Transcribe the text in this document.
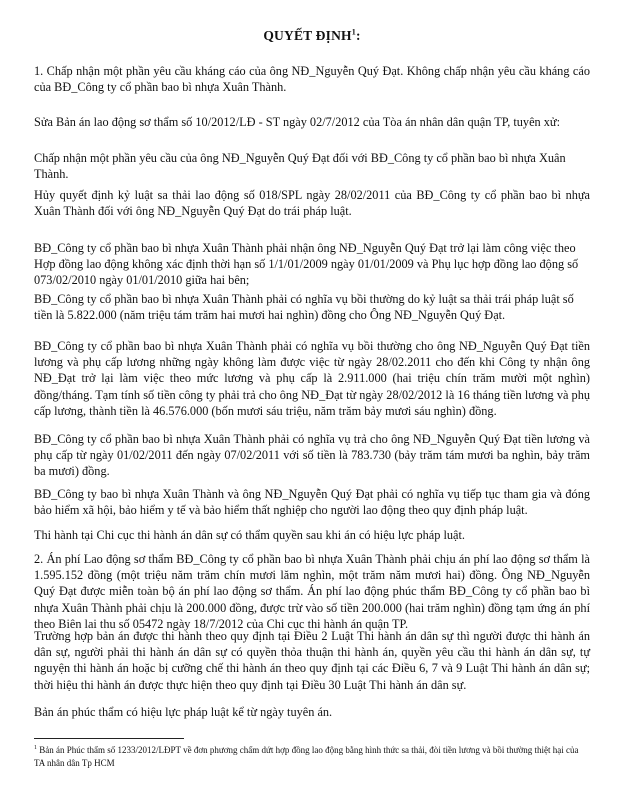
QUYẾT ĐỊNH$^1$:

1. Chấp nhận một phần yêu cầu kháng cáo của ông NĐ_Nguyễn Quý Đạt. Không chấp nhận yêu cầu kháng cáo của BĐ_Công ty cổ phần bao bì nhựa Xuân Thành.

Sửa Bản án lao động sơ thẩm số 10/2012/LĐ - ST ngày 02/7/2012 của Tòa án nhân dân quận TP, tuyên xử:

Chấp nhận một phần yêu cầu của ông NĐ_Nguyễn Quý Đạt đối với BĐ_Công ty cổ phần bao bì nhựa Xuân Thành.

Hủy quyết định kỷ luật sa thải lao động số 018/SPL ngày 28/02/2011 của BĐ_Công ty cổ phần bao bì nhựa Xuân Thành đối với ông NĐ_Nguyễn Quý Đạt do trái pháp luật.

BĐ_Công ty cổ phần bao bì nhựa Xuân Thành phải nhận ông NĐ_Nguyễn Quý Đạt trở lại làm công việc theo Hợp đồng lao động không xác định thời hạn số 1/1/01/2009 ngày 01/01/2009 và Phụ lục hợp đồng lao động số 073/02/2010 ngày 01/01/2010 giữa hai bên;

BĐ_Công ty cổ phần bao bì nhựa Xuân Thành phải có nghĩa vụ bồi thường do kỷ luật sa thải trái pháp luật số tiền là 5.822.000 (năm triệu tám trăm hai mươi hai nghìn) đồng cho Ông NĐ_Nguyễn Quý Đạt.

BĐ_Công ty cổ phần bao bì nhựa Xuân Thành phải có nghĩa vụ bồi thường cho ông NĐ_Nguyễn Quý Đạt tiền lương và phụ cấp lương những ngày không làm được việc từ ngày 28/02.2011 cho đến khi Công ty nhận ông NĐ_Đạt trở lại làm việc theo mức lương và phụ cấp là 2.911.000 (hai triệu chín trăm mười một nghìn) đồng/tháng. Tạm tính số tiền công ty phải trả cho ông NĐ_Đạt từ ngày 28/02/2012 là 16 tháng tiền lương và phụ cấp lương, thành tiền là 46.576.000 (bốn mươi sáu triệu, năm trăm bảy mươi sáu nghìn) đồng.

BĐ_Công ty cổ phần bao bì nhựa Xuân Thành phải có nghĩa vụ trả cho ông NĐ_Nguyễn Quý Đạt tiền lương và phụ cấp từ ngày 01/02/2011 đến ngày 07/02/2011 với số tiền là 783.730 (bảy trăm tám mươi ba nghìn, bảy trăm ba mươi) đồng.

BĐ_Công ty bao bì nhựa Xuân Thành và ông NĐ_Nguyễn Quý Đạt phải có nghĩa vụ tiếp tục tham gia và đóng bảo hiểm xã hội, bảo hiểm y tế và bảo hiểm thất nghiệp cho người lao động theo quy định pháp luật.

Thi hành tại Chi cục thi hành án dân sự có thẩm quyền sau khi án có hiệu lực pháp luật.

2. Án phí Lao động sơ thẩm BĐ_Công ty cổ phần bao bì nhựa Xuân Thành phải chịu án phí lao động sơ thẩm là 1.595.152 đồng (một triệu năm trăm chín mươi lăm nghìn, một trăm năm mươi hai) đồng. Ông NĐ_Nguyễn Quý Đạt được miễn toàn bộ án phí lao động sơ thẩm. Án phí lao động phúc thẩm BĐ_Công ty cổ phần bao bì nhựa Xuân Thành phải chịu là 200.000 đồng, được trừ vào số tiền 200.000 (hai trăm nghìn) đồng tạm ứng án phí theo Biên lai thu số 05472 ngày 18/7/2012 của Chi cục thi hành án quận TP.

Trường hợp bản án được thi hành theo quy định tại Điều 2 Luật Thi hành án dân sự thì người được thi hành án dân sự, người phải thi hành án dân sự có quyền thỏa thuận thi hành án, quyền yêu cầu thi hành án dân sự, tự nguyện thi hành án hoặc bị cưỡng chế thi hành án theo quy định tại các Điều 6, 7 và 9 Luật Thi hành án dân sự; thời hiệu thi hành án được thực hiện theo quy định tại Điều 30 Luật Thi hành án dân sự.

Bản án phúc thẩm có hiệu lực pháp luật kể từ ngày tuyên án.

$^1$ Bản án Phúc thẩm số 1233/2012/LĐPT về đơn phương chấm dứt hợp đồng lao động bằng hình thức sa thải, đòi tiền lương và bồi thường thiệt hại của TA nhân dân Tp HCM
